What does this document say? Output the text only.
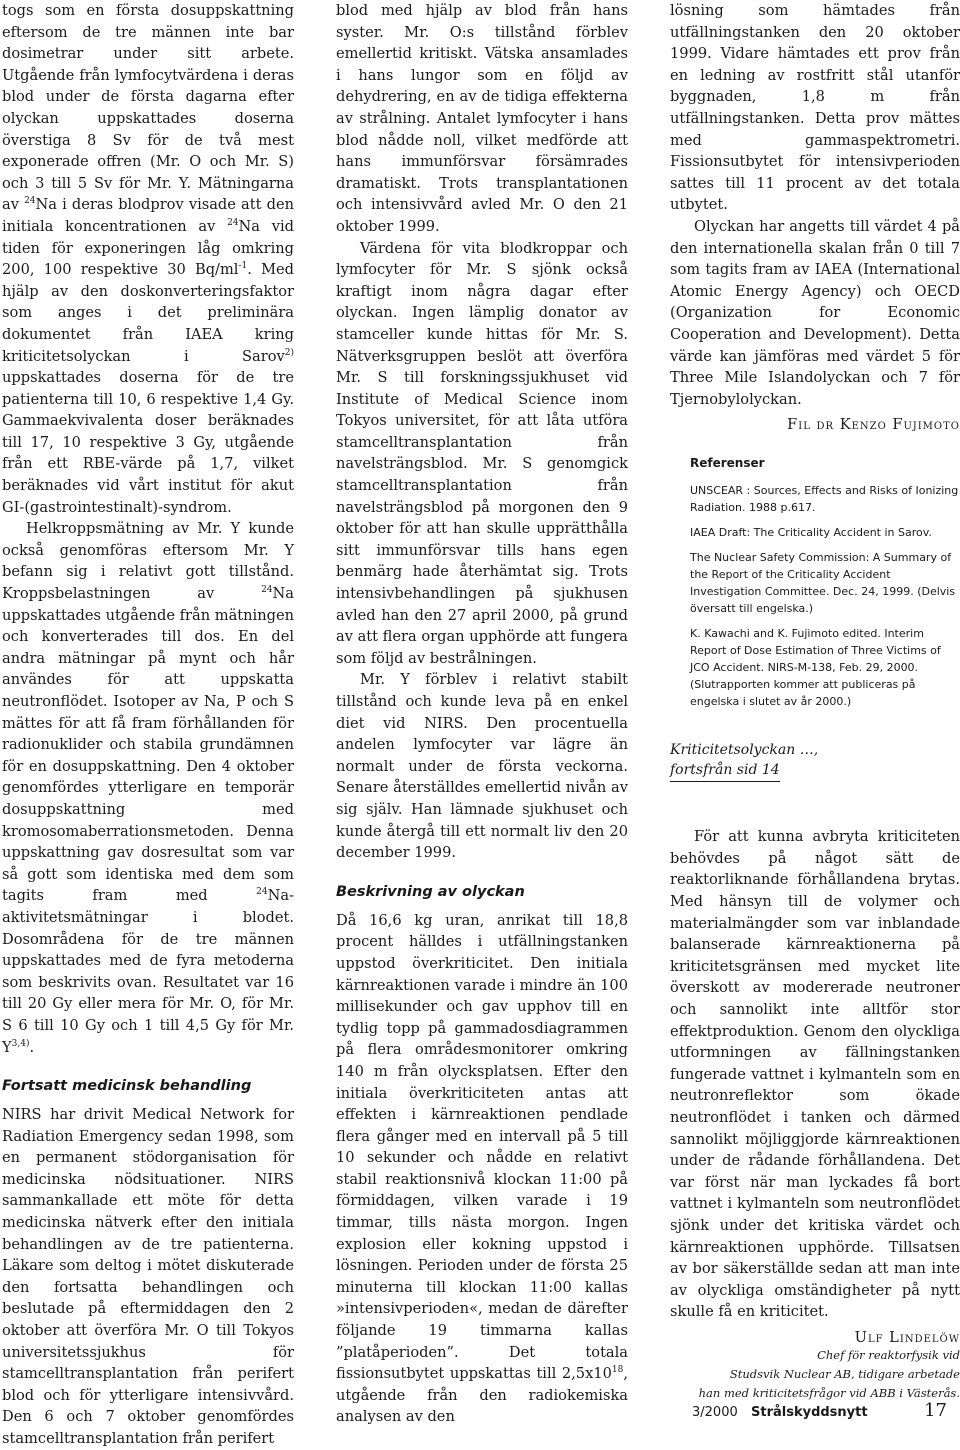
togs som en första dosuppskattning eftersom de tre männen inte bar dosimetrar under sitt arbete. Utgående från lymfocytvärdena i deras blod under de första dagarna efter olyckan uppskattades doserna överstiga 8 Sv för de två mest exponerade offren (Mr. O och Mr. S) och 3 till 5 Sv för Mr. Y. Mätningarna av $^{24}$Na i deras blodprov visade att den initiala koncentrationen av $^{24}$Na vid tiden för exponeringen låg omkring 200, 100 respektive 30 $Bq/ml^{-1}$. Med hjälp av den doskonverteringsfaktor som anges i det preliminära dokumentet från IAEA kring kriticitetsolyckan i Sarov$^{2)}$ uppskattades doserna för de tre patienterna till 10, 6 respektive 1,4 Gy. Gammaekvivalenta doser beräknades till 17, 10 respektive 3 Gy, utgående från ett RBE-värde på 1,7, vilket beräknades vid vårt institut för akut GI-(gastrointestinalt)-syndrom.

Helkroppsmätning av Mr. Y kunde också genomföras eftersom Mr. Y befann sig i relativt gott tillstånd. Kroppsbelastningen av $^{24}$Na uppskattades utgående från mätningen och konverterades till dos. En del andra mätningar på mynt och hår användes för att uppskatta neutronflödet. Isotoper av Na, P och S mättes för att få fram förhållanden för radionuklider och stabila grundämnen för en dosuppskattning. Den 4 oktober genomfördes ytterligare en temporär dosuppskattning med kromosomaberrationsmetoden. Denna uppskattning gav dosresultat som var så gott som identiska med dem som tagits fram med $^{24}$Na-aktivitetsmätningar i blodet. Dosområdena för de tre männen uppskattades med de fyra metoderna som beskrivits ovan. Resultatet var 16 till 20 Gy eller mera för Mr. O, för Mr. S 6 till 10 Gy och 1 till 4,5 Gy för Mr. Y$^{3,4)}$.

Fortsatt medicinsk behandling

NIRS har drivit Medical Network for Radiation Emergency sedan 1998, som en permanent stödorganisation för medicinska nödsituationer. NIRS sammankallade ett möte för detta medicinska nätverk efter den initiala behandlingen av de tre patienterna. Läkare som deltog i mötet diskuterade den fortsatta behandlingen och beslutade på eftermiddagen den 2 oktober att överföra Mr. O till Tokyos universitetssjukhus för stamcelltransplantation från perifert blod och för ytterligare intensivvård. Den 6 och 7 oktober genomfördes stamcelltransplantation från perifert

blod med hjälp av blod från hans syster. Mr. O:s tillstånd förblev emellertid kritiskt. Vätska ansamlades i hans lungor som en följd av dehydrering, en av de tidiga effekterna av strålning. Antalet lymfocyter i hans blod nådde noll, vilket medförde att hans immunförsvar försämrades dramatiskt. Trots transplantationen och intensivvård avled Mr. O den 21 oktober 1999.

Värdena för vita blodkroppar och lymfocyter för Mr. S sjönk också kraftigt inom några dagar efter olyckan. Ingen lämplig donator av stamceller kunde hittas för Mr. S. Nätverksgruppen beslöt att överföra Mr. S till forskningssjukhuset vid Institute of Medical Science inom Tokyos universitet, för att låta utföra stamcelltransplantation från navelsträngsblod. Mr. S genomgick stamcelltransplantation från navelsträngsblod på morgonen den 9 oktober för att han skulle upprätthålla sitt immunförsvar tills hans egen benmärg hade återhämtat sig. Trots intensivbehandlingen på sjukhusen avled han den 27 april 2000, på grund av att flera organ upphörde att fungera som följd av bestrålningen.

Mr. Y förblev i relativt stabilt tillstånd och kunde leva på en enkel diet vid NIRS. Den procentuella andelen lymfocyter var lägre än normalt under de första veckorna. Senare återställdes emellertid nivån av sig själv. Han lämnade sjukhuset och kunde återgå till ett normalt liv den 20 december 1999.

Beskrivning av olyckan

Då 16,6 kg uran, anrikat till 18,8 procent hälldes i utfällningstanken uppstod överkriticitet. Den initiala kärnreaktionen varade i mindre än 100 millisekunder och gav upphov till en tydlig topp på gammadosdiagrammen på flera områdesmonitorer omkring 140 m från olycksplatsen. Efter den initiala överkriticiteten antas att effekten i kärnreaktionen pendlade flera gånger med en intervall på 5 till 10 sekunder och nådde en relativt stabil reaktionsnivå klockan 11:00 på förmiddagen, vilken varade i 19 timmar, tills nästa morgon. Ingen explosion eller kokning uppstod i lösningen. Perioden under de första 25 minuterna till klockan 11:00 kallas »intensivperioden«, medan de därefter följande 19 timmarna kallas ”platåperioden”. Det totala fissionsutbytet uppskattas till $2,5x10^{18}$, utgående från den radiokemiska analysen av den

lösning som hämtades från utfällningstanken den 20 oktober 1999. Vidare hämtades ett prov från en ledning av rostfritt stål utanför byggnaden, 1,8 m från utfällningstanken. Detta prov mättes med gammaspektrometri. Fissionsutbytet för intensivperioden sattes till 11 procent av det totala utbytet.

Olyckan har angetts till värdet 4 på den internationella skalan från 0 till 7 som tagits fram av IAEA (International Atomic Energy Agency) och OECD (Organization for Economic Cooperation and Development). Detta värde kan jämföras med värdet 5 för Three Mile Islandolyckan och 7 för Tjernobylolyckan.

Fil dr Kenzo Fujimoto
Referenser
UNSCEAR : Sources, Effects and Risks of Ionizing Radiation. 1988 p.617.
IAEA Draft: The Criticality Accident in Sarov.
The Nuclear Safety Commission: A Summary of the Report of the Criticality Accident Investigation Committee. Dec. 24, 1999. (Delvis översatt till engelska.)
K. Kawachi and K. Fujimoto edited. Interim Report of Dose Estimation of Three Victims of JCO Accident. NIRS-M-138, Feb. 29, 2000. (Slutrapporten kommer att publiceras på engelska i slutet av år 2000.)
Kriticitetsolyckan …,
fortsfrån sid 14

För att kunna avbryta kriticiteten behövdes på något sätt de reaktorliknande förhållandena brytas. Med hänsyn till de volymer och materialmängder som var inblandade balanserade kärnreaktionerna på kriticitetsgränsen med mycket lite överskott av modererade neutroner och sannolikt inte alltför stor effektproduktion. Genom den olyckliga utformningen av fällningstanken fungerade vattnet i kylmanteln som en neutronreflektor som ökade neutronflödet i tanken och därmed sannolikt möjliggjorde kärnreaktionen under de rådande förhållandena. Det var först när man lyckades få bort vattnet i kylmanteln som neutronflödet sjönk under det kritiska värdet och kärnreaktionen upphörde. Tillsatsen av bor säkerställde sedan att man inte av olyckliga omständigheter på nytt skulle få en kriticitet.

Ulf Lindelöw
Chef för reaktorfysik vid
Studsvik Nuclear AB, tidigare arbetade
han med kriticitetsfrågor vid ABB i Västerås.
3/2000 Strålskyddsnytt	17
